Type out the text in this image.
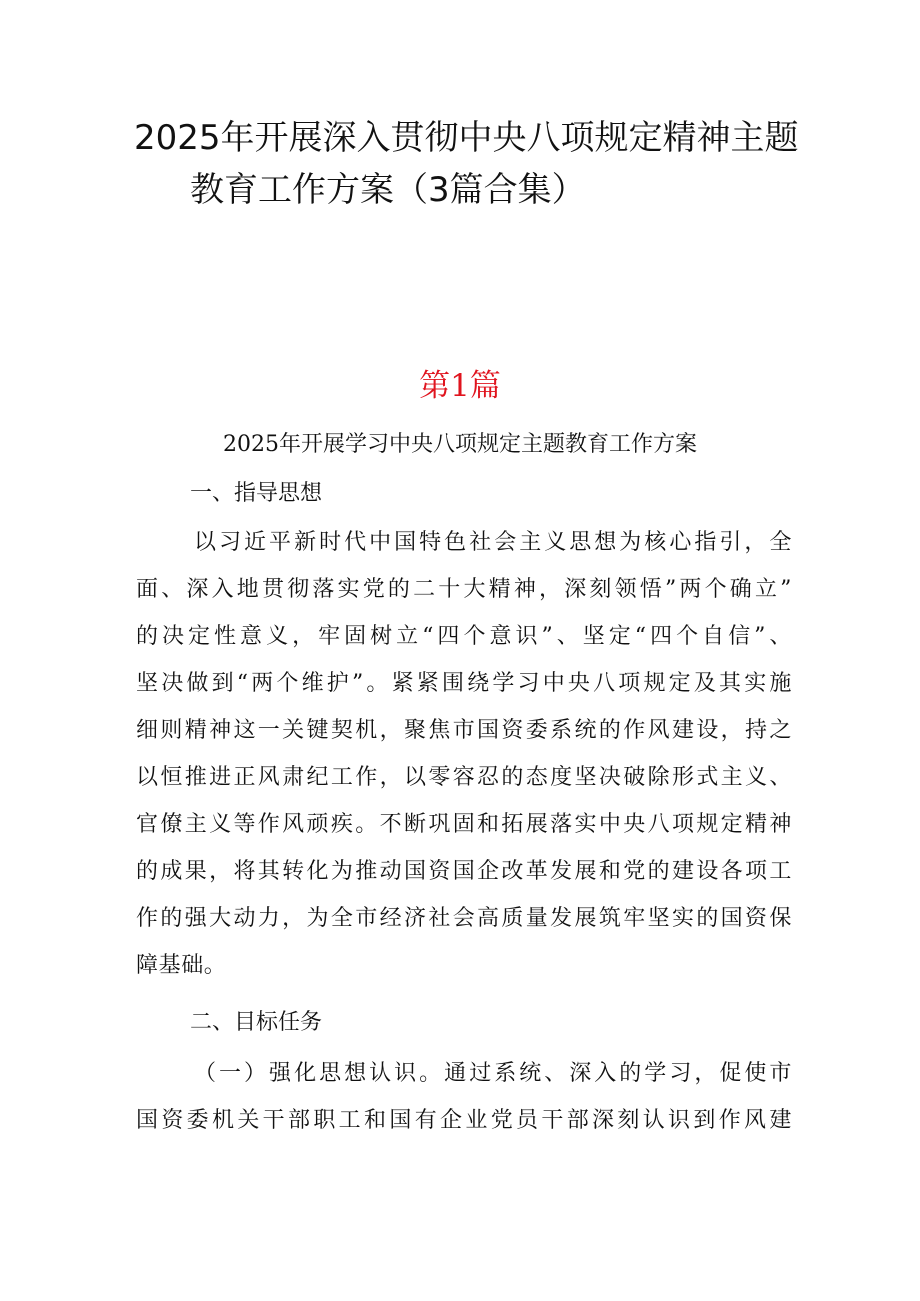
2025年开展深入贯彻中央八项规定精神主题
教育工作方案（3篇合集）
第1篇
2025年开展学习中央八项规定主题教育工作方案
一、指导思想
以习近平新时代中国特色社会主义思想为核心指引，全
面、深入地贯彻落实党的二十大精神，深刻领悟”两个确立”
的决定性意义，牢固树立“四个意识”、坚定“四个自信”、
坚决做到“两个维护”。紧紧围绕学习中央八项规定及其实施
细则精神这一关键契机，聚焦市国资委系统的作风建设，持之
以恒推进正风肃纪工作，以零容忍的态度坚决破除形式主义、
官僚主义等作风顽疾。不断巩固和拓展落实中央八项规定精神
的成果，将其转化为推动国资国企改革发展和党的建设各项工
作的强大动力，为全市经济社会高质量发展筑牢坚实的国资保
障基础。
二、目标任务
（一）强化思想认识。通过系统、深入的学习，促使市
国资委机关干部职工和国有企业党员干部深刻认识到作风建
